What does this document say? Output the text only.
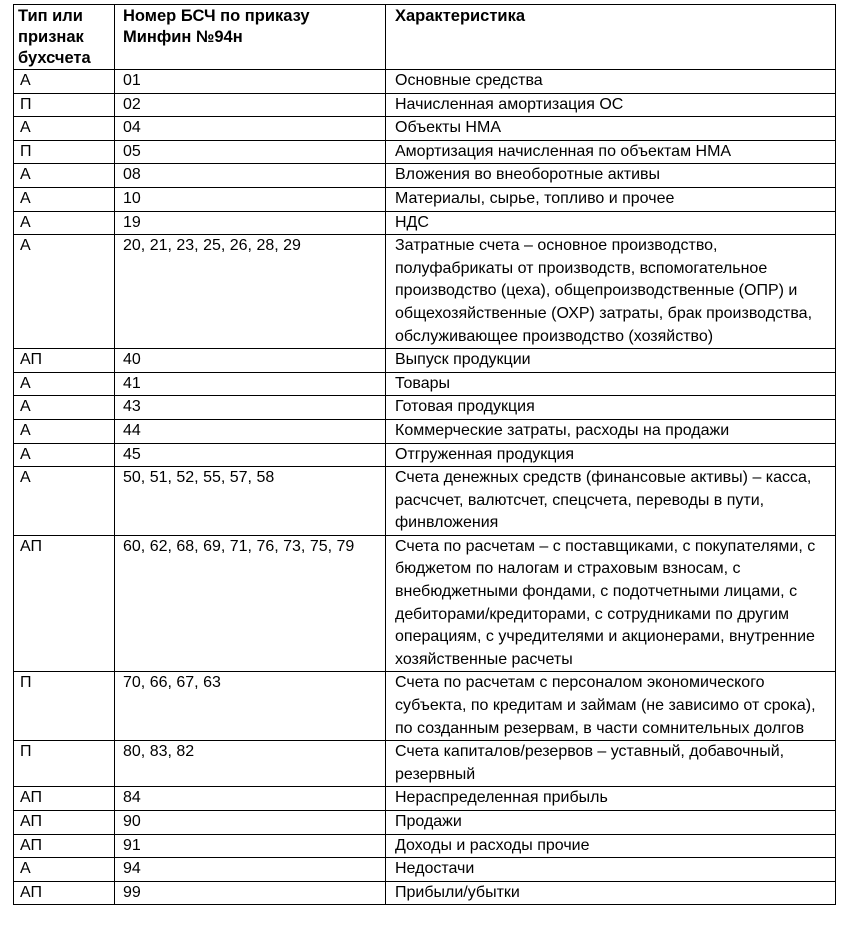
Тип или признак бухсчета	Номер БСЧ по приказу Минфин №94н	Характеристика
А	01	Основные средства
П	02	Начисленная амортизация ОС
А	04	Объекты НМА
П	05	Амортизация начисленная по объектам НМА
А	08	Вложения во внеоборотные активы
А	10	Материалы, сырье, топливо и прочее
А	19	НДС
А	20, 21, 23, 25, 26, 28, 29	Затратные счета – основное производство, полуфабрикаты от производств, вспомогательное производство (цеха), общепроизводственные (ОПР) и общехозяйственные (ОХР) затраты, брак производства, обслуживающее производство (хозяйство)
АП	40	Выпуск продукции
А	41	Товары
А	43	Готовая продукция
А	44	Коммерческие затраты, расходы на продажи
А	45	Отгруженная продукция
А	50, 51, 52, 55, 57, 58	Счета денежных средств (финансовые активы) – касса, расчсчет, валютсчет, спецсчета, переводы в пути, финвложения
АП	60, 62, 68, 69, 71, 76, 73, 75, 79	Счета по расчетам – с поставщиками, с покупателями, с бюджетом по налогам и страховым взносам, с внебюджетными фондами, с подотчетными лицами, с дебиторами/кредиторами, с сотрудниками по другим операциям, с учредителями и акционерами, внутренние хозяйственные расчеты
П	70, 66, 67, 63	Счета по расчетам с персоналом экономического субъекта, по кредитам и займам (не зависимо от срока), по созданным резервам, в части сомнительных долгов
П	80, 83, 82	Счета капиталов/резервов – уставный, добавочный, резервный
АП	84	Нераспределенная прибыль
АП	90	Продажи
АП	91	Доходы и расходы прочие
А	94	Недостачи
АП	99	Прибыли/убытки
